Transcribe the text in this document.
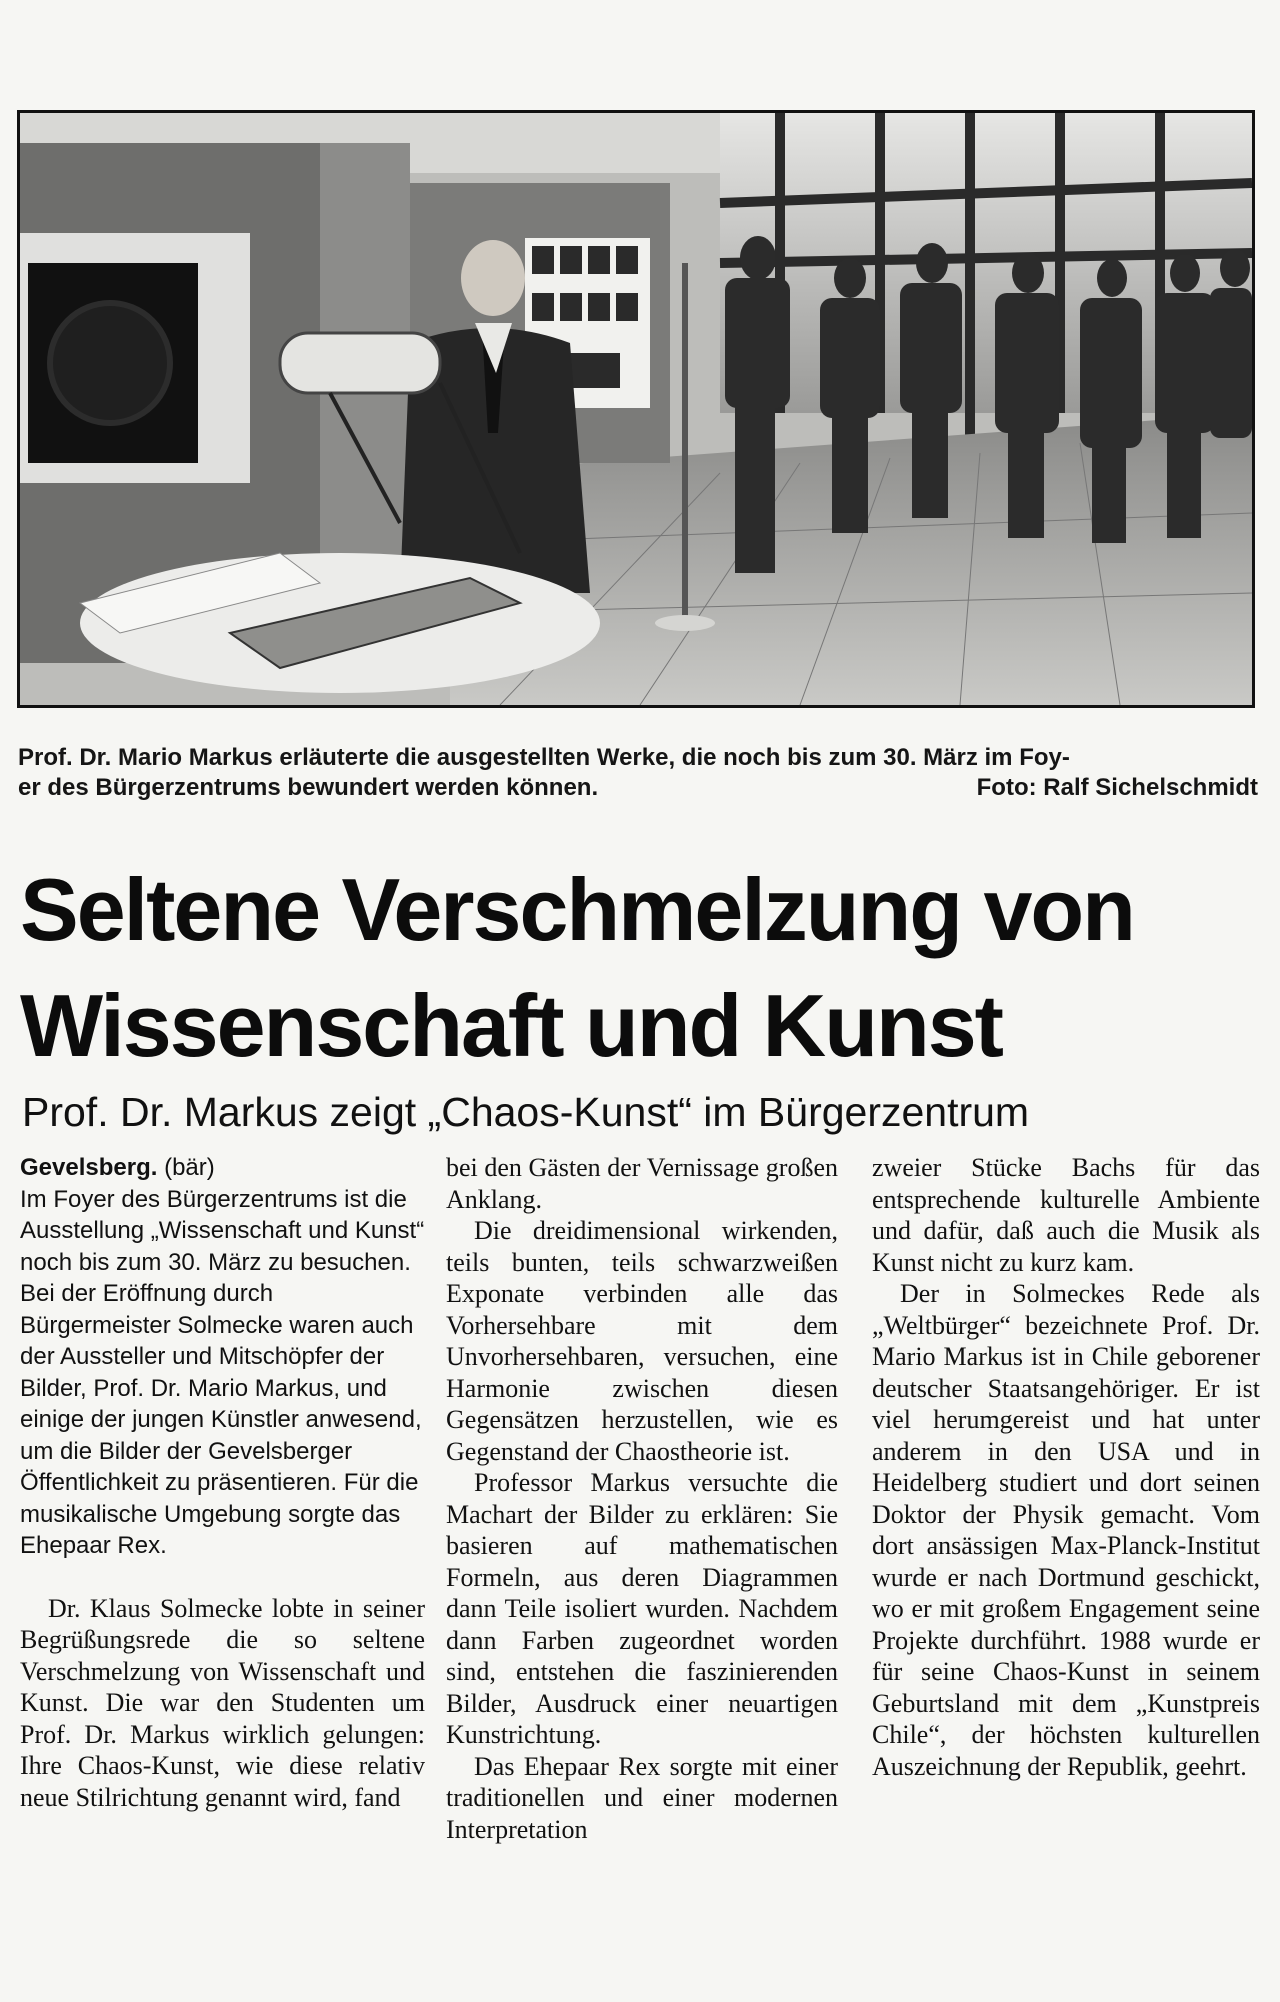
Prof. Dr. Mario Markus erläuterte die ausgestellten Werke, die noch bis zum 30. März im Foy-
er des Bürgerzentrums bewundert werden können.	Foto: Ralf Sichelschmidt
Seltene Verschmelzung von
Wissenschaft und Kunst
Prof. Dr. Markus zeigt „Chaos-Kunst“ im Bürgerzentrum

Gevelsberg. (bär)
Im Foyer des Bürgerzentrums ist die Ausstellung „Wissenschaft und Kunst“ noch bis zum 30. März zu besuchen. Bei der Eröffnung durch Bürgermeister Solmecke waren auch der Aussteller und Mitschöpfer der Bilder, Prof. Dr. Mario Markus, und einige der jungen Künstler anwesend, um die Bilder der Gevelsberger Öffentlichkeit zu präsentieren. Für die musikalische Umgebung sorgte das Ehepaar Rex.

Dr. Klaus Solmecke lobte in seiner Begrüßungsrede die so seltene Verschmelzung von Wissenschaft und Kunst. Die war den Studenten um Prof. Dr. Markus wirklich gelungen: Ihre Chaos-Kunst, wie diese relativ neue Stilrichtung genannt wird, fand

bei den Gästen der Vernissage großen Anklang.

Die dreidimensional wirkenden, teils bunten, teils schwarzweißen Exponate verbinden alle das Vorhersehbare mit dem Unvorhersehbaren, versuchen, eine Harmonie zwischen diesen Gegensätzen herzustellen, wie es Gegenstand der Chaostheorie ist.

Professor Markus versuchte die Machart der Bilder zu erklären: Sie basieren auf mathematischen Formeln, aus deren Diagrammen dann Teile isoliert wurden. Nachdem dann Farben zugeordnet worden sind, entstehen die faszinierenden Bilder, Ausdruck einer neuartigen Kunstrichtung.

Das Ehepaar Rex sorgte mit einer traditionellen und einer modernen Interpretation

zweier Stücke Bachs für das entsprechende kulturelle Ambiente und dafür, daß auch die Musik als Kunst nicht zu kurz kam.

Der in Solmeckes Rede als „Weltbürger“ bezeichnete Prof. Dr. Mario Markus ist in Chile geborener deutscher Staatsangehöriger. Er ist viel herumgereist und hat unter anderem in den USA und in Heidelberg studiert und dort seinen Doktor der Physik gemacht. Vom dort ansässigen Max-Planck-Institut wurde er nach Dortmund geschickt, wo er mit großem Engagement seine Projekte durchführt. 1988 wurde er für seine Chaos-Kunst in seinem Geburtsland mit dem „Kunstpreis Chile“, der höchsten kulturellen Auszeichnung der Republik, geehrt.
